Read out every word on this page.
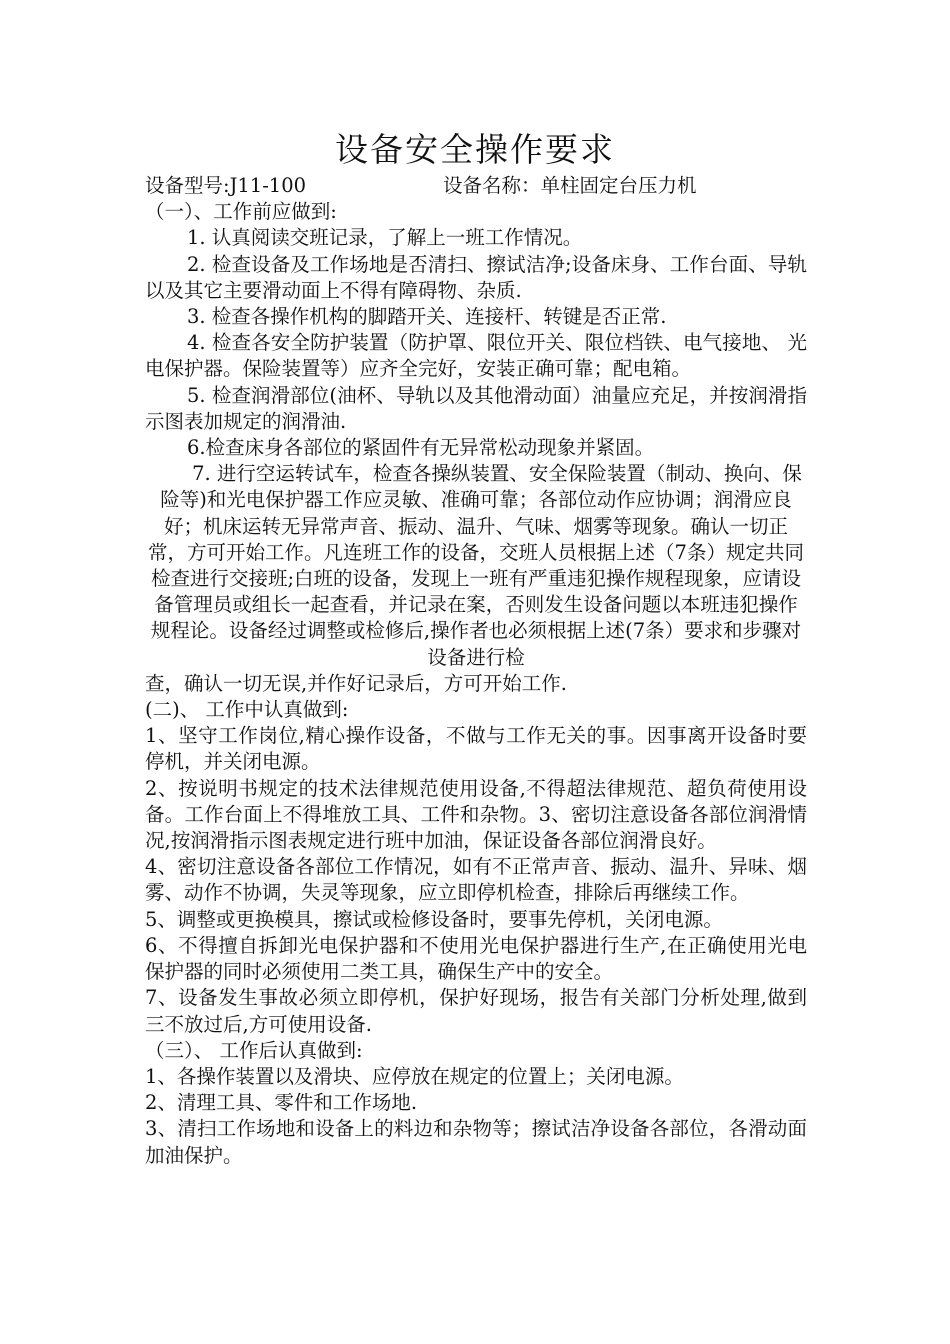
设备安全操作要求
设备型号:J11-100	设备名称：单柱固定台压力机

（一）、工作前应做到:

1. 认真阅读交班记录，了解上一班工作情况。

2. 检查设备及工作场地是否清扫、擦试洁净;设备床身、工作台面、导轨以及其它主要滑动面上不得有障碍物、杂质.

3. 检查各操作机构的脚踏开关、连接杆、转键是否正常.

4. 检查各安全防护装置（防护罩、限位开关、限位档铁、电气接地、 光电保护器。保险装置等）应齐全完好，安装正确可靠；配电箱。

5. 检查润滑部位(油杯、导轨以及其他滑动面）油量应充足，并按润滑指示图表加规定的润滑油.

6.检查床身各部位的紧固件有无异常松动现象并紧固。

7. 进行空运转试车，检查各操纵装置、安全保险装置（制动、换向、保险等)和光电保护器工作应灵敏、准确可靠；各部位动作应协调；润滑应良好；机床运转无异常声音、振动、温升、气味、烟雾等现象。确认一切正常，方可开始工作。凡连班工作的设备，交班人员根据上述（7条）规定共同检查进行交接班;白班的设备，发现上一班有严重违犯操作规程现象，应请设备管理员或组长一起查看，并记录在案，否则发生设备问题以本班违犯操作规程论。设备经过调整或检修后,操作者也必须根据上述(7条）要求和步骤对设备进行检

查，确认一切无误,并作好记录后，方可开始工作.

(二)、 工作中认真做到:

1、坚守工作岗位,精心操作设备，不做与工作无关的事。因事离开设备时要停机，并关闭电源。

2、按说明书规定的技术法律规范使用设备,不得超法律规范、超负荷使用设备。工作台面上不得堆放工具、工件和杂物。3、密切注意设备各部位润滑情况,按润滑指示图表规定进行班中加油，保证设备各部位润滑良好。

4、密切注意设备各部位工作情况，如有不正常声音、振动、温升、异味、烟雾、动作不协调，失灵等现象，应立即停机检查，排除后再继续工作。

5、调整或更换模具，擦试或检修设备时，要事先停机，关闭电源。

6、不得擅自拆卸光电保护器和不使用光电保护器进行生产,在正确使用光电保护器的同时必须使用二类工具，确保生产中的安全。

7、设备发生事故必须立即停机，保护好现场，报告有关部门分析处理,做到三不放过后,方可使用设备.

（三）、 工作后认真做到:

1、各操作装置以及滑块、应停放在规定的位置上；关闭电源。

2、清理工具、零件和工作场地.

3、清扫工作场地和设备上的料边和杂物等；擦试洁净设备各部位，各滑动面加油保护。
